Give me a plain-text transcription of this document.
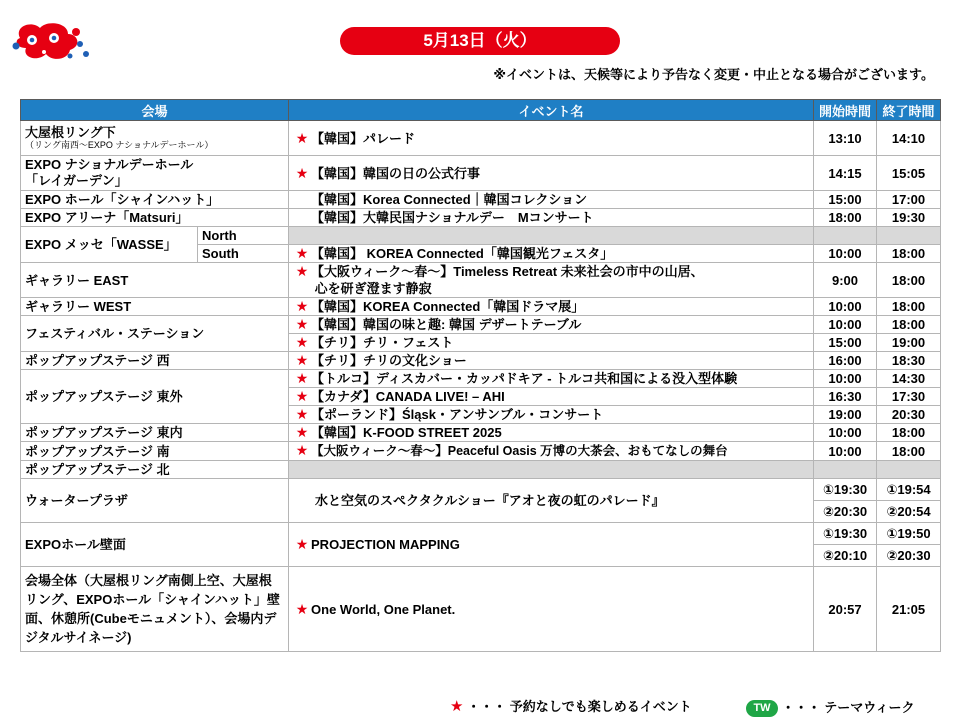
5月13日（火）
※イベントは、天候等により予告なく変更・中止となる場合がございます。
会場		イベント名	開始時間	終了時間
大屋根リング下
（リング南西～EXPO ナショナルデーホール）		★ 【韓国】パレード	13:10	14:10
EXPO ナショナルデーホール
「レイガーデン」		★ 【韓国】韓国の日の公式行事	14:15	15:05
EXPO ホール「シャインハット」		【韓国】Korea Connected｜韓国コレクション	15:00	17:00
EXPO アリーナ「Matsuri」		【韓国】大韓民国ナショナルデー　Mコンサート	18:00	19:30
EXPO メッセ「WASSE」	North			
	South	★ 【韓国】 KOREA Connected「韓国観光フェスタ」	10:00	18:00
ギャラリー EAST		★ 【大阪ウィーク～春～】Timeless Retreat 未来社会の市中の山居、
心を研ぎ澄ます静寂	9:00	18:00
ギャラリー WEST		★ 【韓国】KOREA Connected「韓国ドラマ展」	10:00	18:00
フェスティバル・ステーション		★ 【韓国】韓国の味と趣: 韓国 デザートテーブル	10:00	18:00
		★ 【チリ】チリ・フェスト	15:00	19:00
ポップアップステージ 西		★ 【チリ】チリの文化ショー	16:00	18:30
ポップアップステージ 東外		★ 【トルコ】ディスカバー・カッパドキア - トルコ共和国による没入型体験	10:00	14:30
		★ 【カナダ】CANADA LIVE! – AHI	16:30	17:30
		★ 【ポーランド】Śląsk・アンサンブル・コンサート	19:00	20:30
ポップアップステージ 東内		★ 【韓国】K-FOOD STREET 2025	10:00	18:00
ポップアップステージ 南		★ 【大阪ウィーク～春～】Peaceful Oasis 万博の大茶会、おもてなしの舞台	10:00	18:00
ポップアップステージ 北				
ウォータープラザ		水と空気のスペクタクルショー『アオと夜の虹のパレード』	①19:30	①19:54
			②20:30	②20:54
EXPOホール壁面		★ PROJECTION MAPPING	①19:30	①19:50
			②20:10	②20:30
会場全体（大屋根リング南側上空、大屋根リング、EXPOホール「シャインハット」壁面、休憩所(Cubeモニュメント）、会場内デジタルサイネージ)		★ One World, One Planet.	20:57	21:05
★ ・・・ 予約なしでも楽しめるイベント	TW ・・・ テーマウィーク
